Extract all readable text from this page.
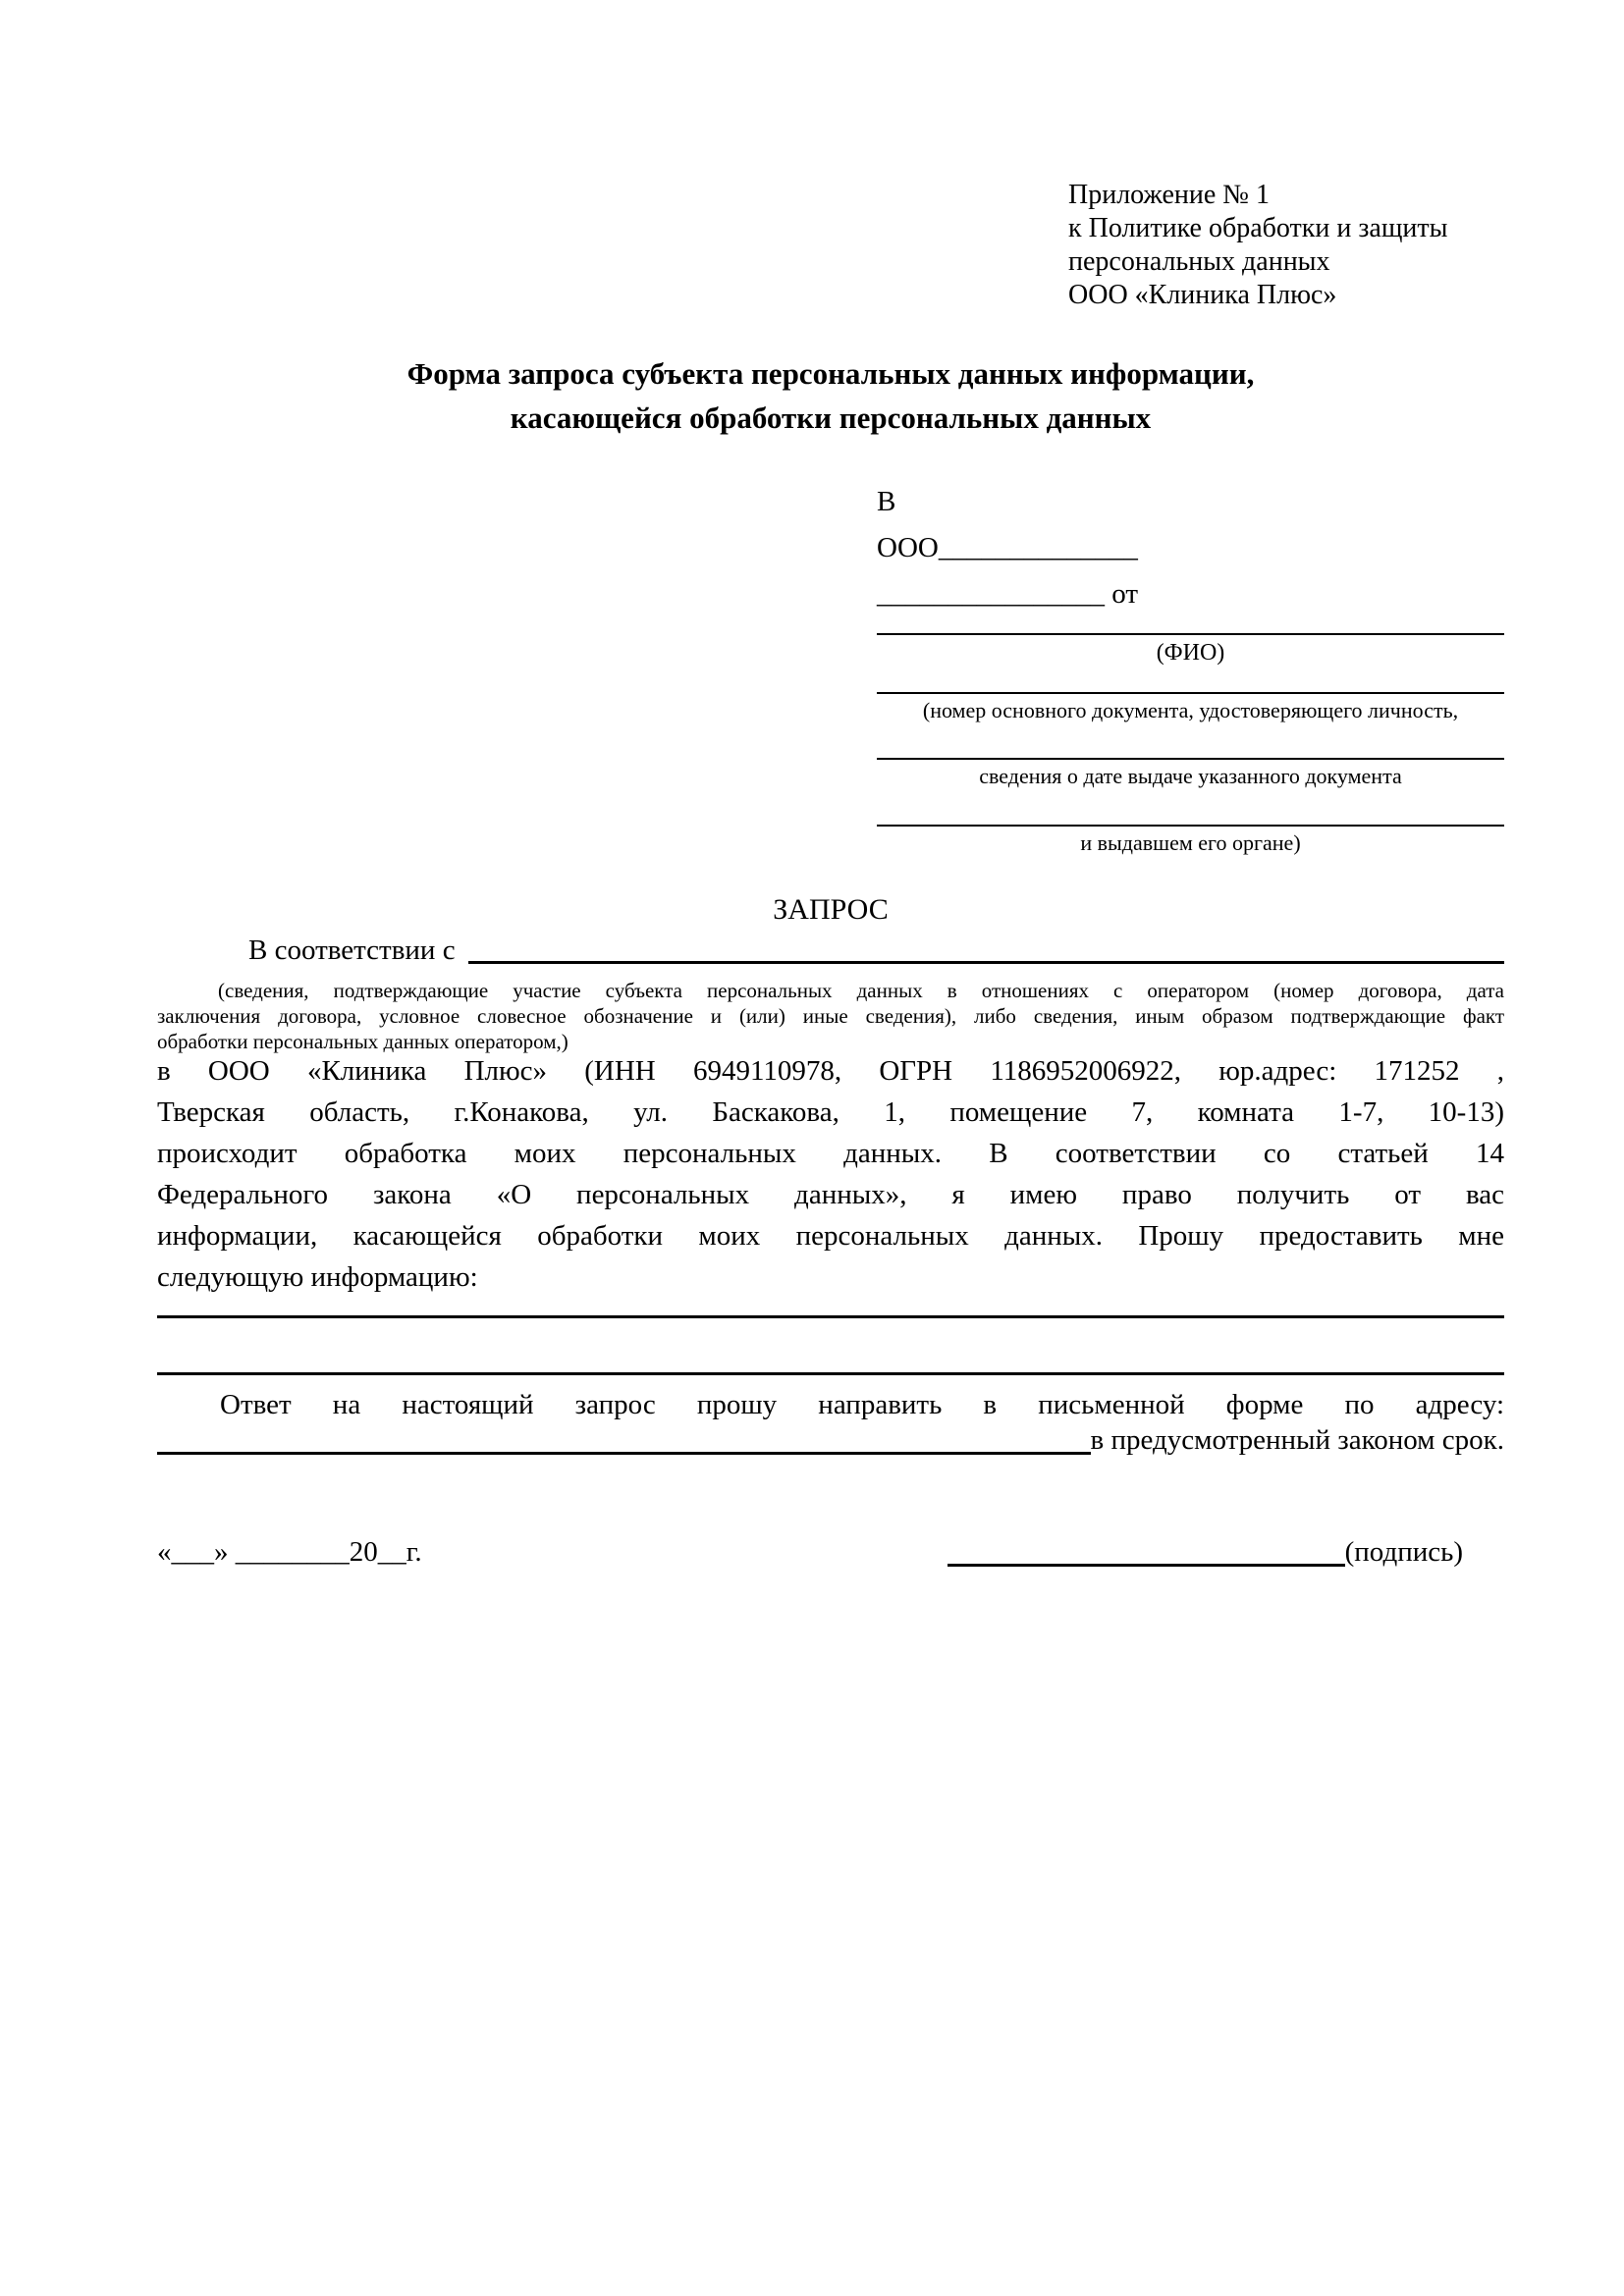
Приложение № 1
к Политике обработки и защиты
персональных данных
ООО «Клиника Плюс»
Форма запроса субъекта персональных данных информации,
касающейся обработки персональных данных
В
ООО______________
________________ от
(ФИО)
(номер основного документа, удостоверяющего личность,
сведения о дате выдаче указанного документа
и выдавшем его органе)
ЗАПРОС
В соответствии с
(сведения, подтверждающие участие субъекта персональных данных в отношениях с оператором (номер договора, дата
заключения договора, условное словесное обозначение и (или) иные сведения), либо сведения, иным образом подтверждающие факт
обработки персональных данных оператором,)
в ООО «Клиника Плюс» (ИНН 6949110978, ОГРН 1186952006922, юр.адрес: 171252 ,
Тверская область, г.Конакова, ул. Баскакова, 1, помещение 7, комната 1-7, 10-13)
происходит обработка моих персональных данных. В соответствии со статьей 14
Федерального закона «О персональных данных», я имею право получить от вас
информации, касающейся обработки моих персональных данных. Прошу предоставить мне
следующую информацию:
Ответ на настоящий запрос прошу направить в письменной форме по адресу:
в предусмотренный законом срок.
«___» ________20__г.	(подпись)
